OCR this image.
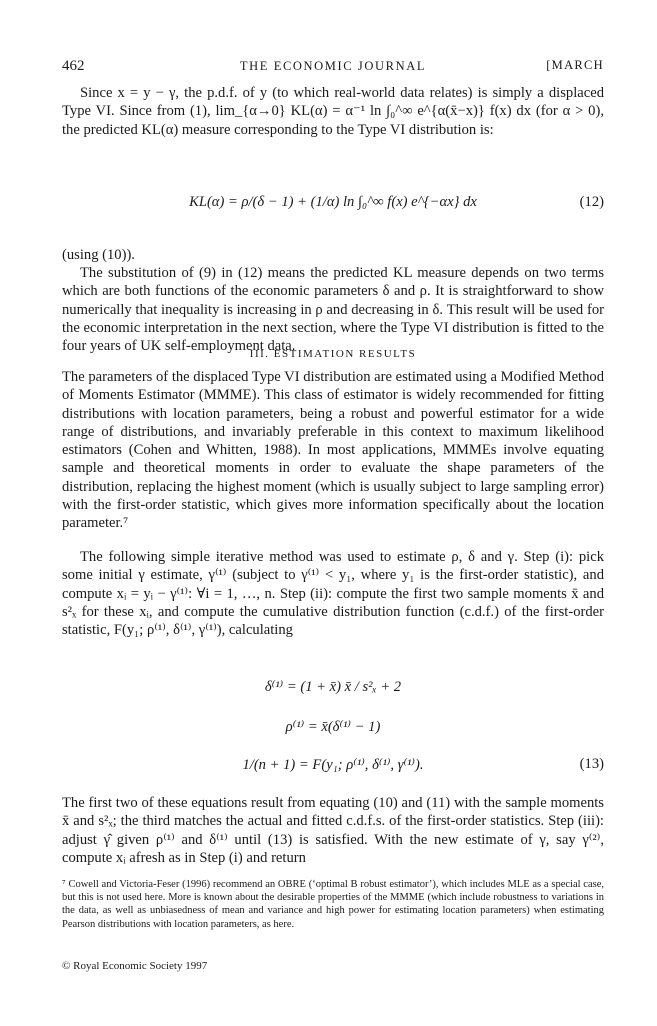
462	THE ECONOMIC JOURNAL	[MARCH

Since x = y − γ, the p.d.f. of y (to which real-world data relates) is simply a displaced Type VI. Since from (1), lim_{α→0} KL(α) = α⁻¹ ln ∫₀^∞ e^{α(x̄−x)} f(x) dx (for α > 0), the predicted KL(α) measure corresponding to the Type VI distribution is:

KL(α) = ρ/(δ − 1) + (1/α) ln ∫₀^∞ f(x) e^{−αx} dx	(12)

(using (10)).

The substitution of (9) in (12) means the predicted KL measure depends on two terms which are both functions of the economic parameters δ and ρ. It is straightforward to show numerically that inequality is increasing in ρ and decreasing in δ. This result will be used for the economic interpretation in the next section, where the Type VI distribution is fitted to the four years of UK self-employment data.

III. ESTIMATION RESULTS

The parameters of the displaced Type VI distribution are estimated using a Modified Method of Moments Estimator (MMME). This class of estimator is widely recommended for fitting distributions with location parameters, being a robust and powerful estimator for a wide range of distributions, and invariably preferable in this context to maximum likelihood estimators (Cohen and Whitten, 1988). In most applications, MMMEs involve equating sample and theoretical moments in order to evaluate the shape parameters of the distribution, replacing the highest moment (which is usually subject to large sampling error) with the first-order statistic, which gives more information specifically about the location parameter.⁷

The following simple iterative method was used to estimate ρ, δ and γ. Step (i): pick some initial γ estimate, γ⁽¹⁾ (subject to γ⁽¹⁾ < y₁, where y₁ is the first-order statistic), and compute xᵢ = yᵢ − γ⁽¹⁾: ∀i = 1, …, n. Step (ii): compute the first two sample moments x̄ and s²ₓ for these xᵢ, and compute the cumulative distribution function (c.d.f.) of the first-order statistic, F(y₁; ρ⁽¹⁾, δ⁽¹⁾, γ⁽¹⁾), calculating

δ⁽¹⁾ = (1 + x̄) x̄ / s²ₓ + 2
ρ⁽¹⁾ = x̄(δ⁽¹⁾ − 1)
1/(n + 1) = F(y₁; ρ⁽¹⁾, δ⁽¹⁾, γ⁽¹⁾).	(13)

The first two of these equations result from equating (10) and (11) with the sample moments x̄ and s²ₓ; the third matches the actual and fitted c.d.f.s. of the first-order statistics. Step (iii): adjust γ̂ given ρ⁽¹⁾ and δ⁽¹⁾ until (13) is satisfied. With the new estimate of γ, say γ⁽²⁾, compute xᵢ afresh as in Step (i) and return

⁷ Cowell and Victoria-Feser (1996) recommend an OBRE (‘optimal B robust estimator’), which includes MLE as a special case, but this is not used here. More is known about the desirable properties of the MMME (which include robustness to variations in the data, as well as unbiasedness of mean and variance and high power for estimating location parameters) when estimating Pearson distributions with location parameters, as here.
© Royal Economic Society 1997
